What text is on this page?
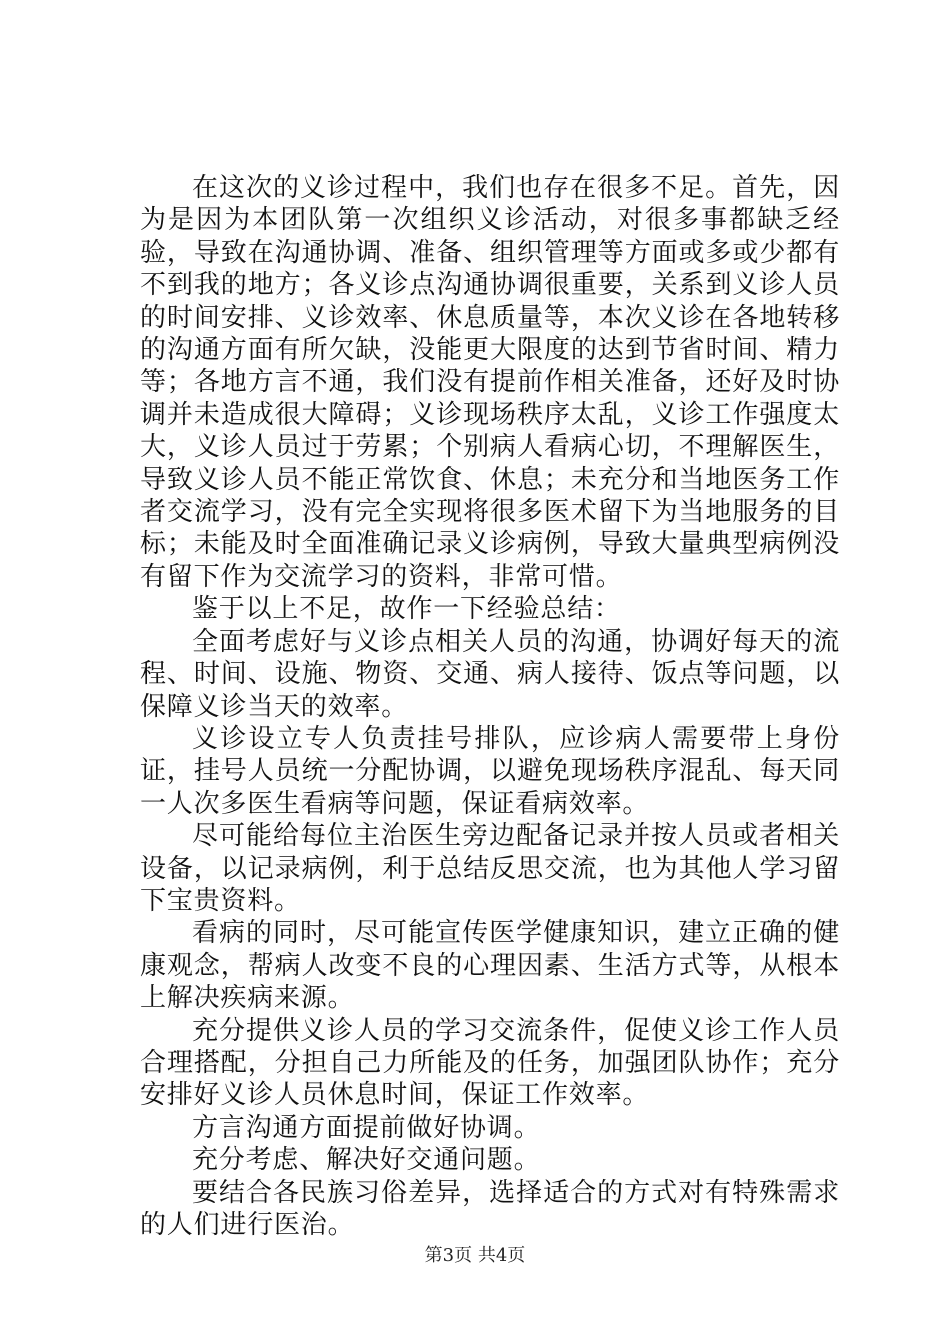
在这次的义诊过程中，我们也存在很多不足。首先，因为是因为本团队第一次组织义诊活动，对很多事都缺乏经验，导致在沟通协调、准备、组织管理等方面或多或少都有不到我的地方；各义诊点沟通协调很重要，关系到义诊人员的时间安排、义诊效率、休息质量等，本次义诊在各地转移的沟通方面有所欠缺，没能更大限度的达到节省时间、精力等；各地方言不通，我们没有提前作相关准备，还好及时协调并未造成很大障碍；义诊现场秩序太乱，义诊工作强度太大，义诊人员过于劳累；个别病人看病心切，不理解医生，导致义诊人员不能正常饮食、休息；未充分和当地医务工作者交流学习，没有完全实现将很多医术留下为当地服务的目标；未能及时全面准确记录义诊病例，导致大量典型病例没有留下作为交流学习的资料，非常可惜。

鉴于以上不足，故作一下经验总结：

全面考虑好与义诊点相关人员的沟通，协调好每天的流程、时间、设施、物资、交通、病人接待、饭点等问题，以保障义诊当天的效率。

义诊设立专人负责挂号排队，应诊病人需要带上身份证，挂号人员统一分配协调，以避免现场秩序混乱、每天同一人次多医生看病等问题，保证看病效率。

尽可能给每位主治医生旁边配备记录并按人员或者相关设备，以记录病例，利于总结反思交流，也为其他人学习留下宝贵资料。

看病的同时，尽可能宣传医学健康知识，建立正确的健康观念，帮病人改变不良的心理因素、生活方式等，从根本上解决疾病来源。

充分提供义诊人员的学习交流条件，促使义诊工作人员合理搭配，分担自己力所能及的任务，加强团队协作；充分安排好义诊人员休息时间，保证工作效率。

方言沟通方面提前做好协调。

充分考虑、解决好交通问题。

要结合各民族习俗差异，选择适合的方式对有特殊需求的人们进行医治。

第3页 共4页
